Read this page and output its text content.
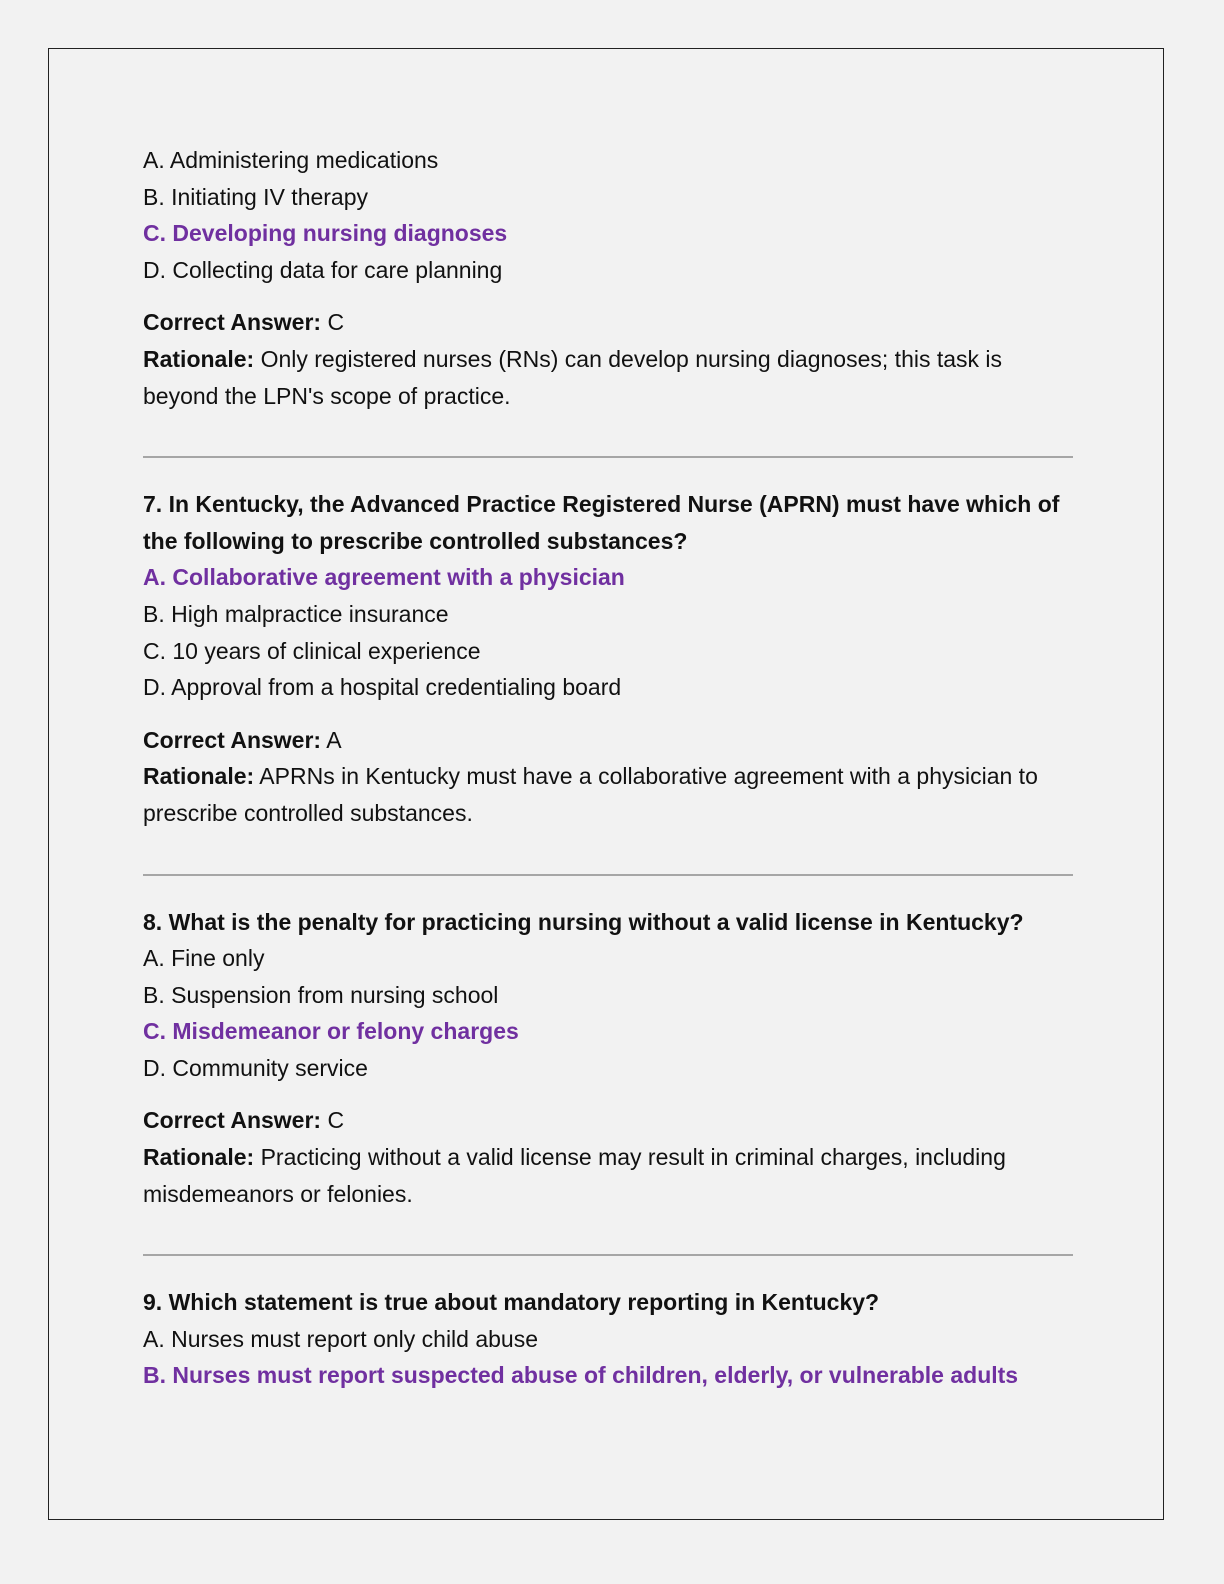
A. Administering medications

B. Initiating IV therapy

C. Developing nursing diagnoses

D. Collecting data for care planning

Correct Answer: C

Rationale: Only registered nurses (RNs) can develop nursing diagnoses; this task is beyond the LPN's scope of practice.

7. In Kentucky, the Advanced Practice Registered Nurse (APRN) must have which of the following to prescribe controlled substances?

A. Collaborative agreement with a physician

B. High malpractice insurance

C. 10 years of clinical experience

D. Approval from a hospital credentialing board

Correct Answer: A

Rationale: APRNs in Kentucky must have a collaborative agreement with a physician to prescribe controlled substances.

8. What is the penalty for practicing nursing without a valid license in Kentucky?

A. Fine only

B. Suspension from nursing school

C. Misdemeanor or felony charges

D. Community service

Correct Answer: C

Rationale: Practicing without a valid license may result in criminal charges, including misdemeanors or felonies.

9. Which statement is true about mandatory reporting in Kentucky?

A. Nurses must report only child abuse

B. Nurses must report suspected abuse of children, elderly, or vulnerable adults
